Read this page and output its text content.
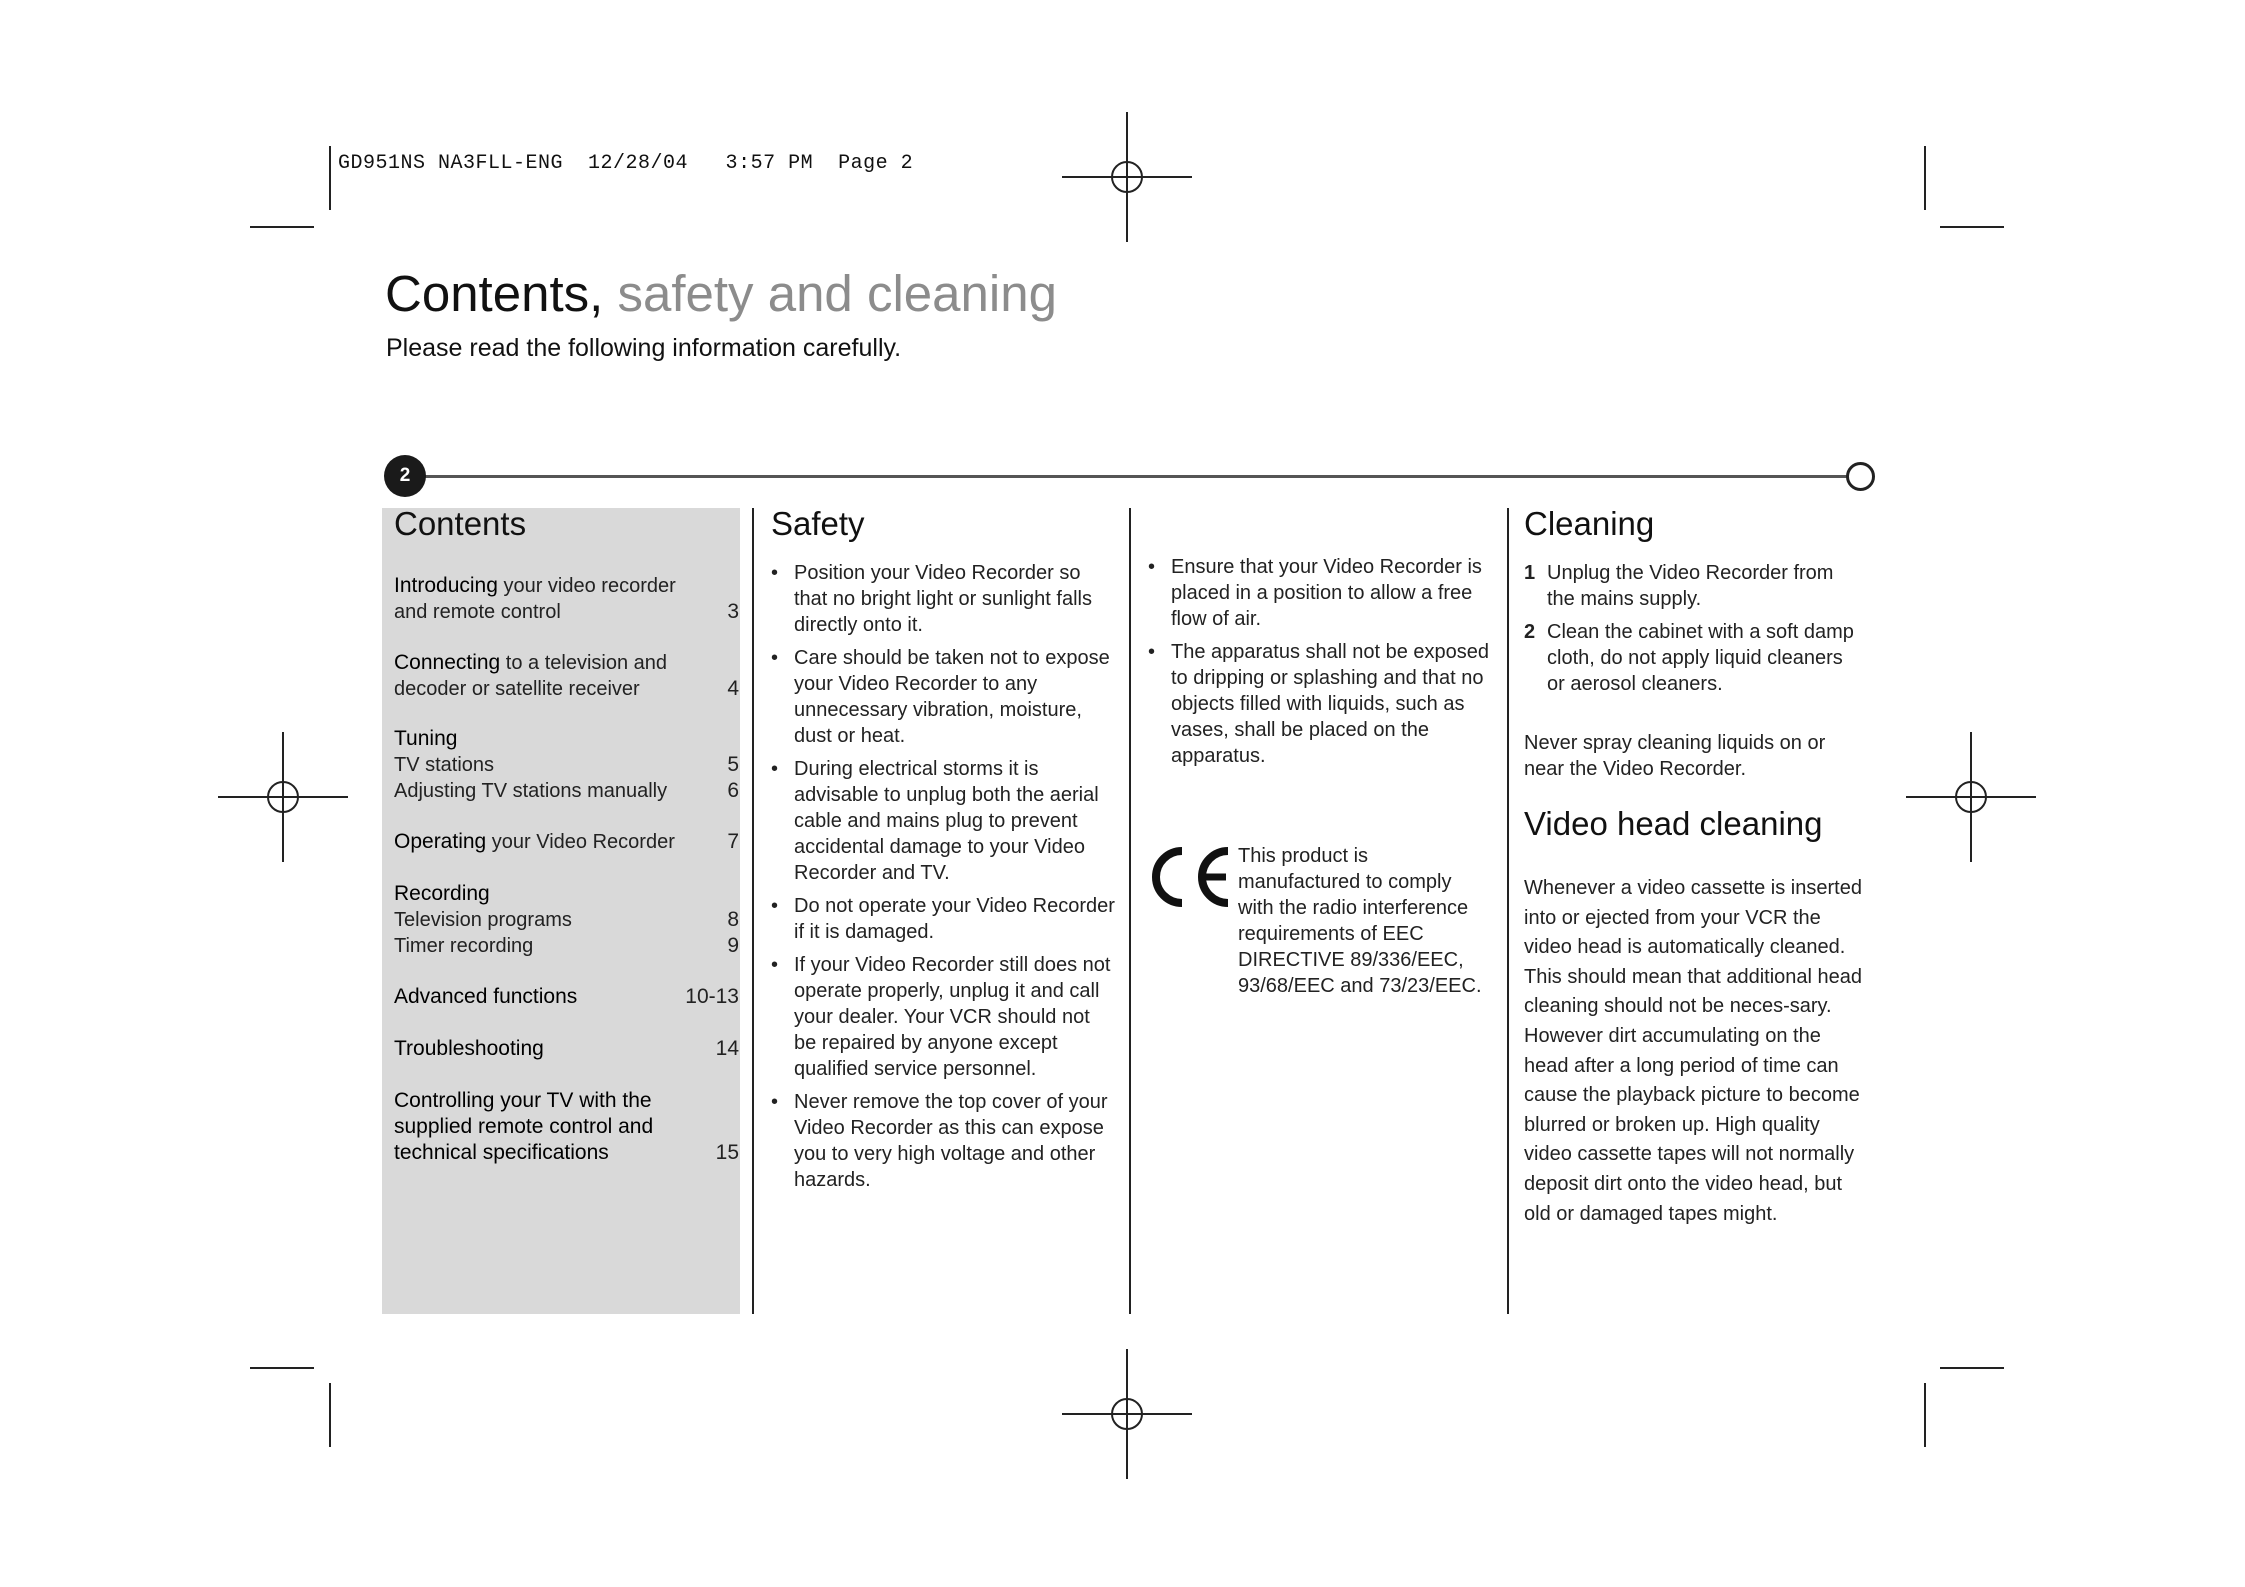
GD951NS NA3FLL-ENG  12/28/04   3:57 PM  Page 2
Contents, safety and cleaning
Please read the following information carefully.
2
Contents
Introducing your video recorder
and remote control	3
Connecting to a television and
decoder or satellite receiver	4
Tuning
TV stations	5
Adjusting TV stations manually	6
Operating your Video Recorder	7
Recording
Television programs	8
Timer recording	9
Advanced functions	10-13
Troubleshooting	14
Controlling your TV with the
supplied remote control and
technical specifications	15
Safety
• Position your Video Recorder so that no bright light or sunlight falls directly onto it.
• Care should be taken not to expose your Video Recorder to any unnecessary vibration, moisture, dust or heat.
• During electrical storms it is advisable to unplug both the aerial cable and mains plug to prevent accidental damage to your Video Recorder and TV.
• Do not operate your Video Recorder if it is damaged.
• If your Video Recorder still does not operate properly, unplug it and call your dealer. Your VCR should not be repaired by anyone except qualified service personnel.
• Never remove the top cover of your Video Recorder as this can expose you to very high voltage and other hazards.
• Ensure that your Video Recorder is placed in a position to allow a free flow of air.
• The apparatus shall not be exposed to dripping or splashing and that no objects filled with liquids, such as vases, shall be placed on the apparatus.
This product is manufactured to comply with the radio interference requirements of EEC DIRECTIVE 89/336/EEC, 93/68/EEC and 73/23/EEC.
Cleaning
1 Unplug the Video Recorder from the mains supply.
2 Clean the cabinet with a soft damp cloth, do not apply liquid cleaners or aerosol cleaners.

Never spray cleaning liquids on or near the Video Recorder.

Video head cleaning

Whenever a video cassette is inserted into or ejected from your VCR the video head is automatically cleaned. This should mean that additional head cleaning should not be neces-sary. However dirt accumulating on the head after a long period of time can cause the playback picture to become blurred or broken up. High quality video cassette tapes will not normally deposit dirt onto the video head, but old or damaged tapes might.
